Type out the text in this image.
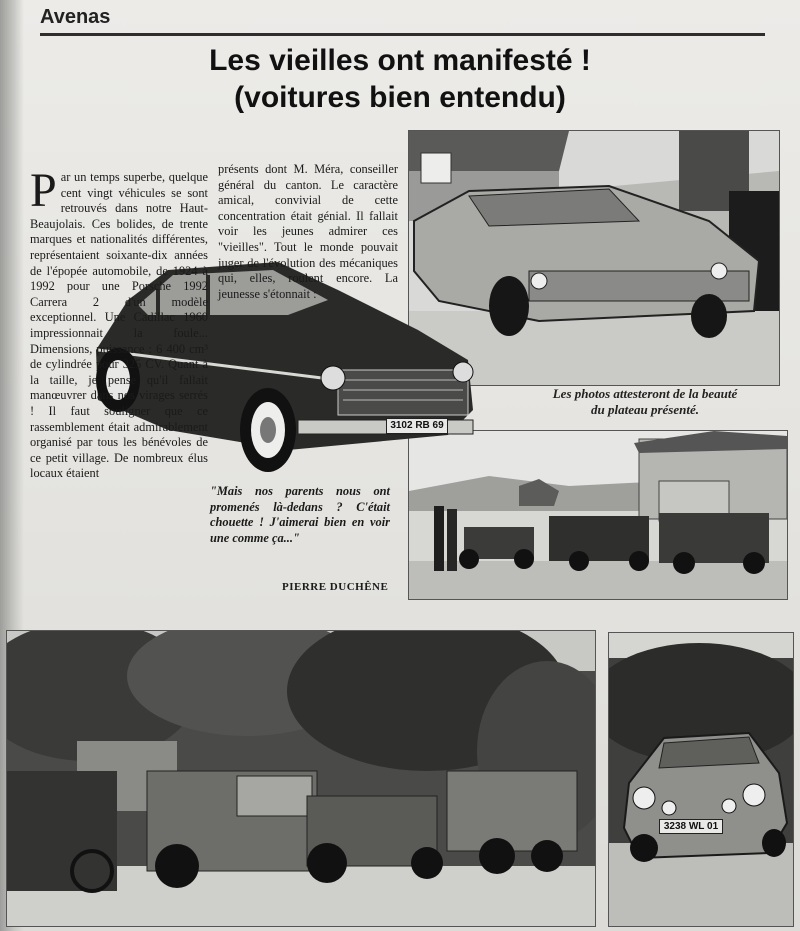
Avenas
Les vieilles ont manifesté !
(voitures bien entendu)
Les photos attesteront de la beauté
du plateau présenté.
3102 RB 69
3238 WL 01
Par un temps superbe, quelque cent vingt véhicules se sont retrouvés dans notre Haut-Beaujolais. Ces bolides, de trente marques et nationalités différentes, représentaient soixante-dix années de l'épopée automobile, de 1924 à 1992 pour une Porsche 1992 Carrera 2 d'un modèle exceptionnel. Une Cadillac 1960 impressionnait la foule... Dimensions, puissance : 6 400 cm³ de cylindrée pour 325 CV. Quant à la taille, je pense qu'il fallait manœuvrer dans nos virages serrés ! Il faut souligner que ce rassemblement était admirablement organisé par tous les bénévoles de ce petit village. De nombreux élus locaux étaient
présents dont M. Méra, conseiller général du canton. Le caractère amical, convivial de cette concentration était génial. Il fallait voir les jeunes admirer ces "vieilles". Tout le monde pouvait juger de l'évolution des mécaniques qui, elles, roulent encore. La jeunesse s'étonnait :
"Mais nos parents nous ont promenés là-dedans ? C'était chouette ! J'aimerai bien en voir une comme ça..."
PIERRE DUCHÊNE
